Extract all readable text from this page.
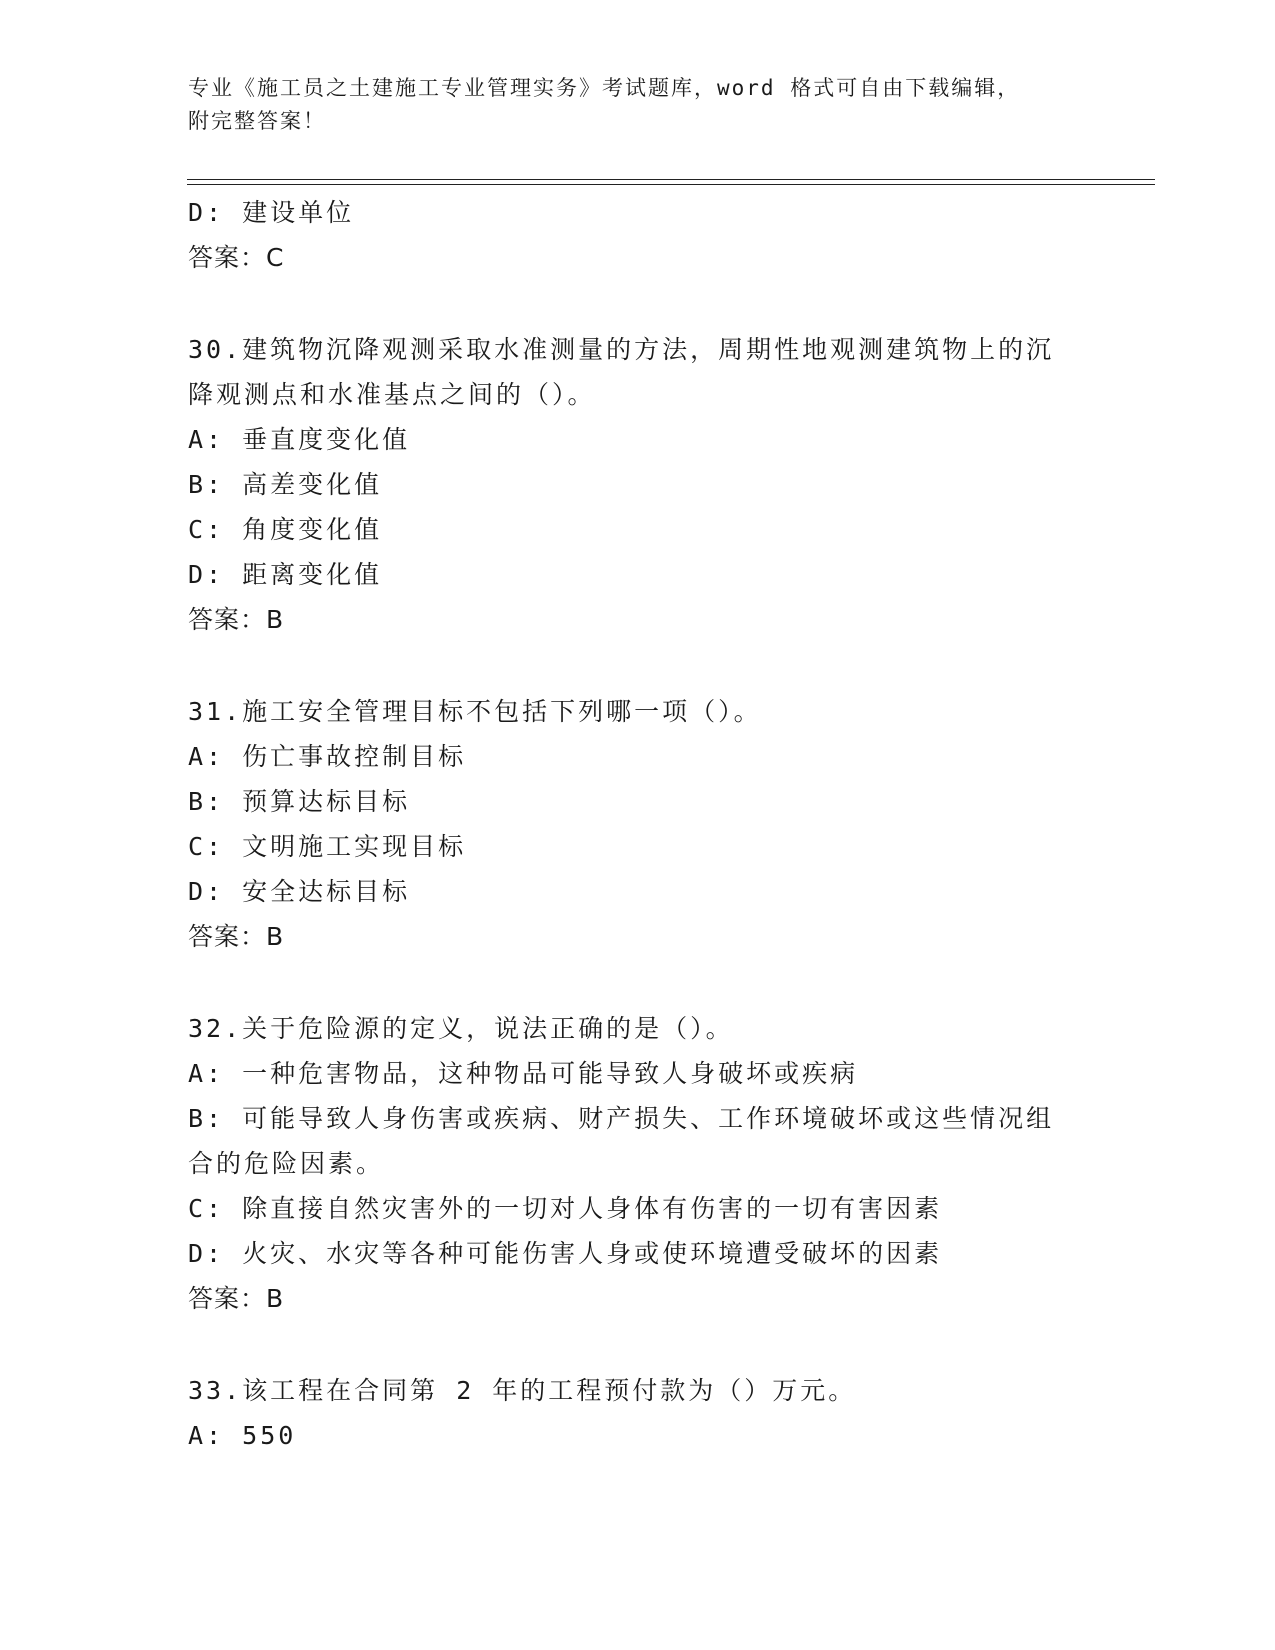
专业《施工员之土建施工专业管理实务》考试题库，word 格式可自由下载编辑，
附完整答案！
D: 建设单位
答案：C
30.建筑物沉降观测采取水准测量的方法，周期性地观测建筑物上的沉
降观测点和水准基点之间的（）。
A: 垂直度变化值
B: 高差变化值
C: 角度变化值
D: 距离变化值
答案：B
31.施工安全管理目标不包括下列哪一项（）。
A: 伤亡事故控制目标
B: 预算达标目标
C: 文明施工实现目标
D: 安全达标目标
答案：B
32.关于危险源的定义，说法正确的是（）。
A: 一种危害物品，这种物品可能导致人身破坏或疾病
B: 可能导致人身伤害或疾病、财产损失、工作环境破坏或这些情况组
合的危险因素。
C: 除直接自然灾害外的一切对人身体有伤害的一切有害因素
D: 火灾、水灾等各种可能伤害人身或使环境遭受破坏的因素
答案：B
33.该工程在合同第 2 年的工程预付款为（）万元。
A: 550
